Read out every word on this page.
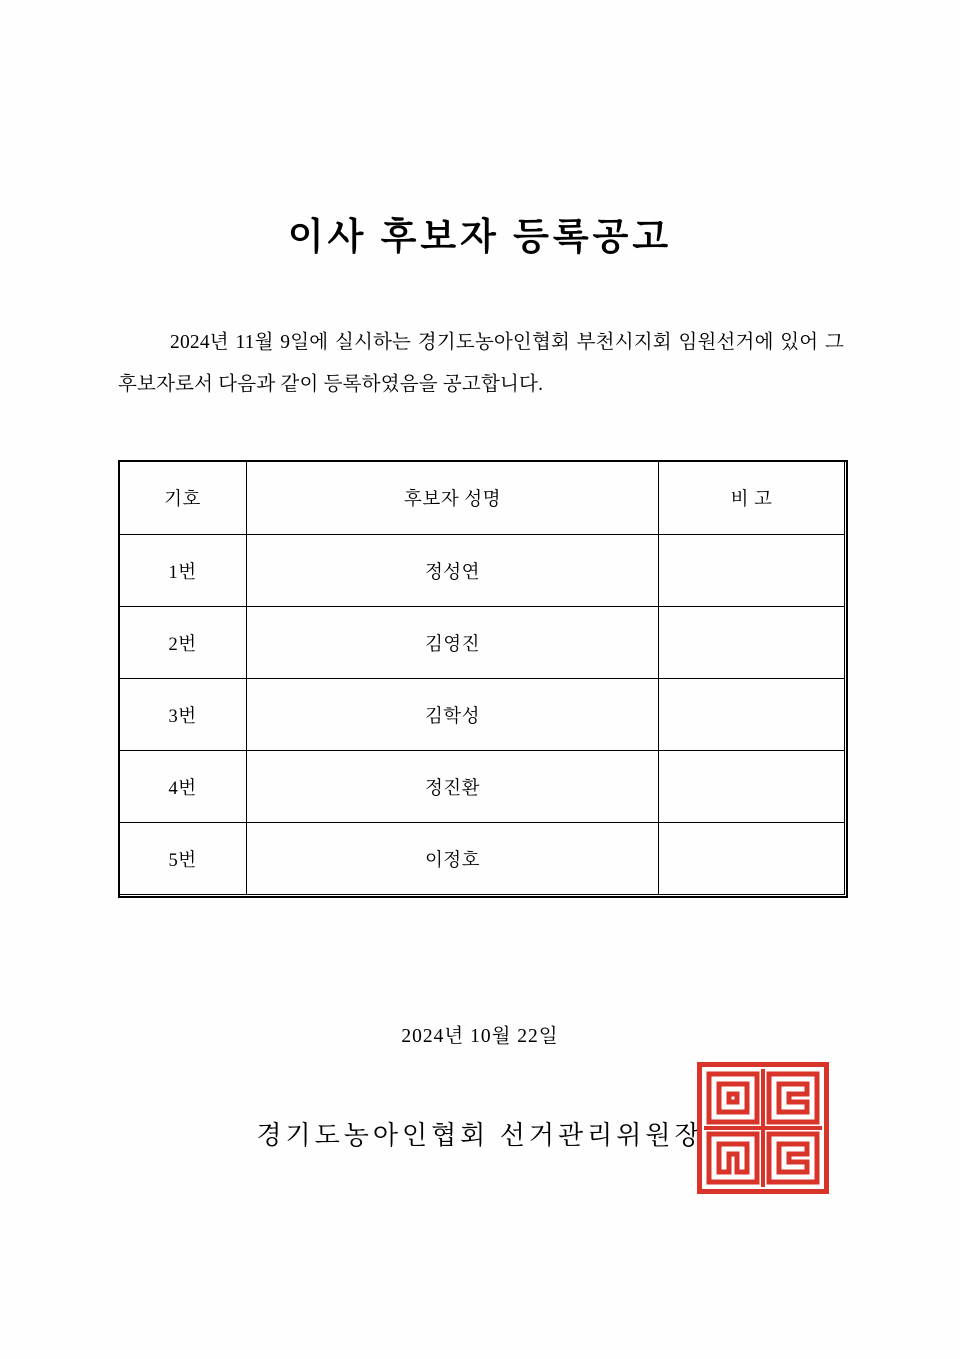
이사 후보자 등록공고
2024년 11월 9일에 실시하는 경기도농아인협회 부천시지회 임원선거에 있어 그 후보자로서 다음과 같이 등록하였음을 공고합니다.
기호	후보자 성명	비 고
1번	정성연	
2번	김영진	
3번	김학성	
4번	정진환	
5번	이정호	
2024년 10월 22일
경기도농아인협회 선거관리위원장
